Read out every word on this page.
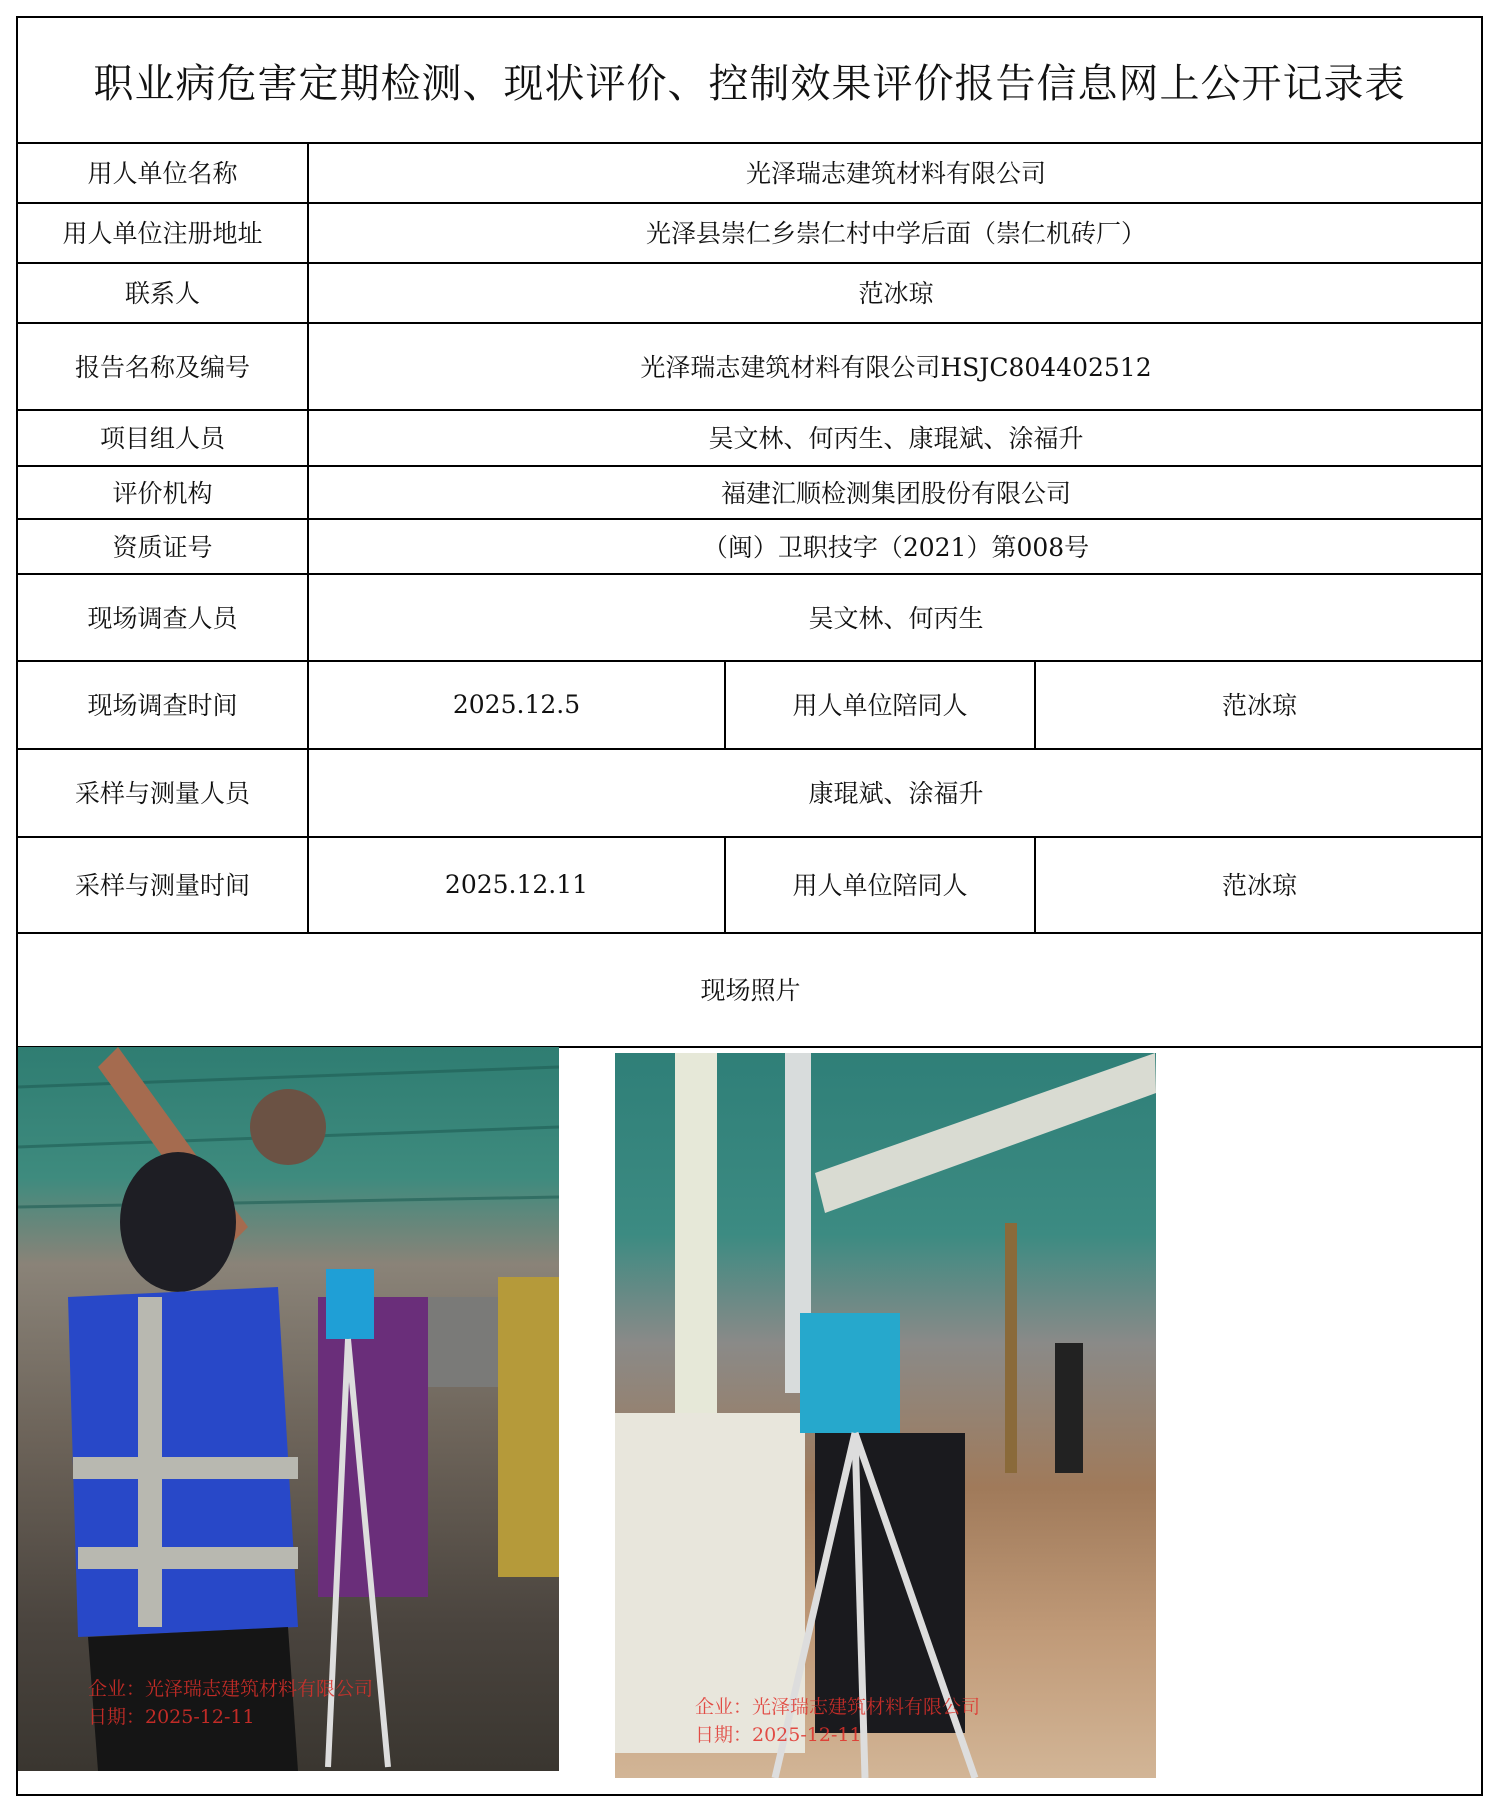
职业病危害定期检测、现状评价、控制效果评价报告信息网上公开记录表
用人单位名称	光泽瑞志建筑材料有限公司
用人单位注册地址	光泽县崇仁乡崇仁村中学后面（崇仁机砖厂）
联系人	范冰琼
报告名称及编号	光泽瑞志建筑材料有限公司HSJC804402512
项目组人员	吴文林、何丙生、康琨斌、涂福升
评价机构	福建汇顺检测集团股份有限公司
资质证号	（闽）卫职技字（2021）第008号
现场调查人员	吴文林、何丙生
现场调查时间	2025.12.5	用人单位陪同人	范冰琼
采样与测量人员	康琨斌、涂福升
采样与测量时间	2025.12.11	用人单位陪同人	范冰琼
现场照片
企业：光泽瑞志建筑材料有限公司
日期：2025-12-11	企业：光泽瑞志建筑材料有限公司
日期：2025-12-11
